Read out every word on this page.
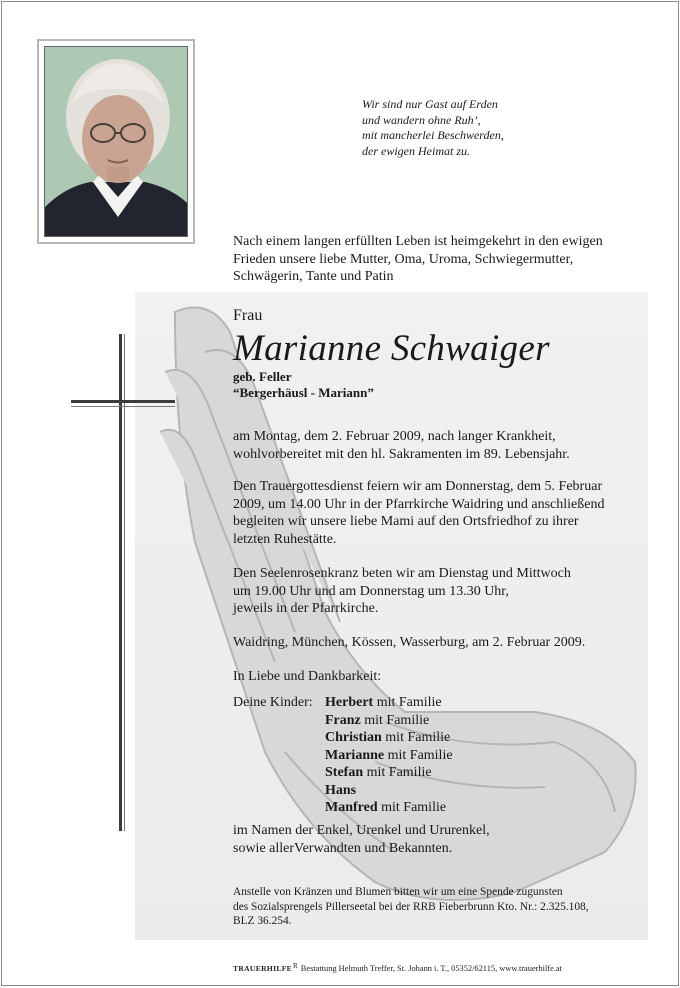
Wir sind nur Gast auf Erden
und wandern ohne Ruh’,
mit mancherlei Beschwerden,
der ewigen Heimat zu.
Nach einem langen erfüllten Leben ist heimgekehrt in den ewigen
Frieden unsere liebe Mutter, Oma, Uroma, Schwiegermutter,
Schwägerin, Tante und Patin

Frau

Marianne Schwaiger
geb. Feller
“Bergerhäusl - Mariann”
am Montag, dem 2. Februar 2009, nach langer Krankheit,
wohlvorbereitet mit den hl. Sakramenten im 89. Lebensjahr.
Den Trauergottesdienst feiern wir am Donnerstag, dem 5. Februar
2009, um 14.00 Uhr in der Pfarrkirche Waidring und anschließend
begleiten wir unsere liebe Mami auf den Ortsfriedhof zu ihrer
letzten Ruhestätte.
Den Seelenrosenkranz beten wir am Dienstag und Mittwoch
um 19.00 Uhr und am Donnerstag um 13.30 Uhr,
jeweils in der Pfarrkirche.
Waidring, München, Kössen, Wasserburg, am 2. Februar 2009.
In Liebe und Dankbarkeit:
Deine Kinder: Herbert mit Familie
Franz mit Familie
Christian mit Familie
Marianne mit Familie
Stefan mit Familie
Hans
Manfred mit Familie
im Namen der Enkel, Urenkel und Ururenkel,
sowie allerVerwandten und Bekannten.
Anstelle von Kränzen und Blumen bitten wir um eine Spende zugunsten
des Sozialsprengels Pillerseetal bei der RRB Fieberbrunn Kto. Nr.: 2.325.108,
BLZ 36.254.
$TRAUERHILFE^R$ Bestattung Helmuth Treffer, St. Johann i. T., 05352/62115, www.trauerhilfe.at
